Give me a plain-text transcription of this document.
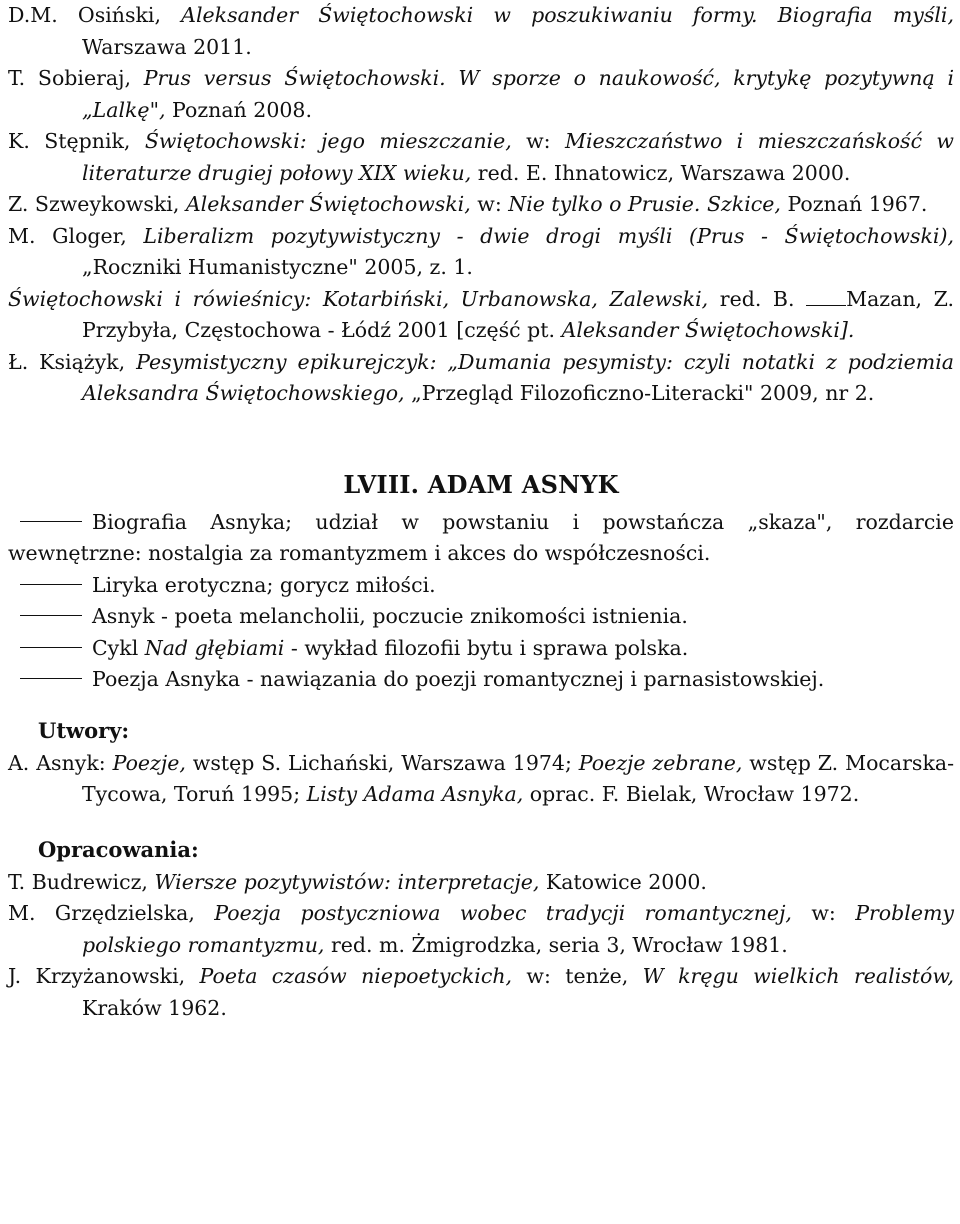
D.M. Osiński, Aleksander Świętochowski w poszukiwaniu formy. Biografia myśli, Warszawa 2011.
T. Sobieraj, Prus versus Świętochowski. W sporze o naukowość, krytykę pozytywną i „Lalkę", Poznań 2008.
K. Stępnik, Świętochowski: jego mieszczanie, w: Mieszczaństwo i mieszczańskość w literaturze drugiej połowy XIX wieku, red. E. Ihnatowicz, Warszawa 2000.
Z. Szweykowski, Aleksander Świętochowski, w: Nie tylko o Prusie. Szkice, Poznań 1967.
M. Gloger, Liberalizm pozytywistyczny - dwie drogi myśli (Prus - Świętochowski), „Roczniki Humanistyczne" 2005, z. 1.
Świętochowski i rówieśnicy: Kotarbiński, Urbanowska, Zalewski, red. B. Mazan, Z. Przybyła, Częstochowa - Łódź 2001 [część pt. Aleksander Świętochowski].
Ł. Książyk, Pesymistyczny epikurejczyk: „Dumania pesymisty: czyli notatki z podziemia Aleksandra Świętochowskiego, „Przegląd Filozoficzno-Literacki" 2009, nr 2.
LVIII. ADAM ASNYK
Biografia Asnyka; udział w powstaniu i powstańcza „skaza", rozdarcie wewnętrzne: nostalgia za romantyzmem i akces do współczesności.
Liryka erotyczna; gorycz miłości.
Asnyk - poeta melancholii, poczucie znikomości istnienia.
Cykl Nad głębiami - wykład filozofii bytu i sprawa polska.
Poezja Asnyka - nawiązania do poezji romantycznej i parnasistowskiej.
Utwory:
A. Asnyk: Poezje, wstęp S. Lichański, Warszawa 1974; Poezje zebrane, wstęp Z. Mocarska-Tycowa, Toruń 1995; Listy Adama Asnyka, oprac. F. Bielak, Wrocław 1972.
Opracowania:
T. Budrewicz, Wiersze pozytywistów: interpretacje, Katowice 2000.
M. Grzędzielska, Poezja postyczniowa wobec tradycji romantycznej, w: Problemy polskiego romantyzmu, red. m. Żmigrodzka, seria 3, Wrocław 1981.
J. Krzyżanowski, Poeta czasów niepoetyckich, w: tenże, W kręgu wielkich realistów, Kraków 1962.
